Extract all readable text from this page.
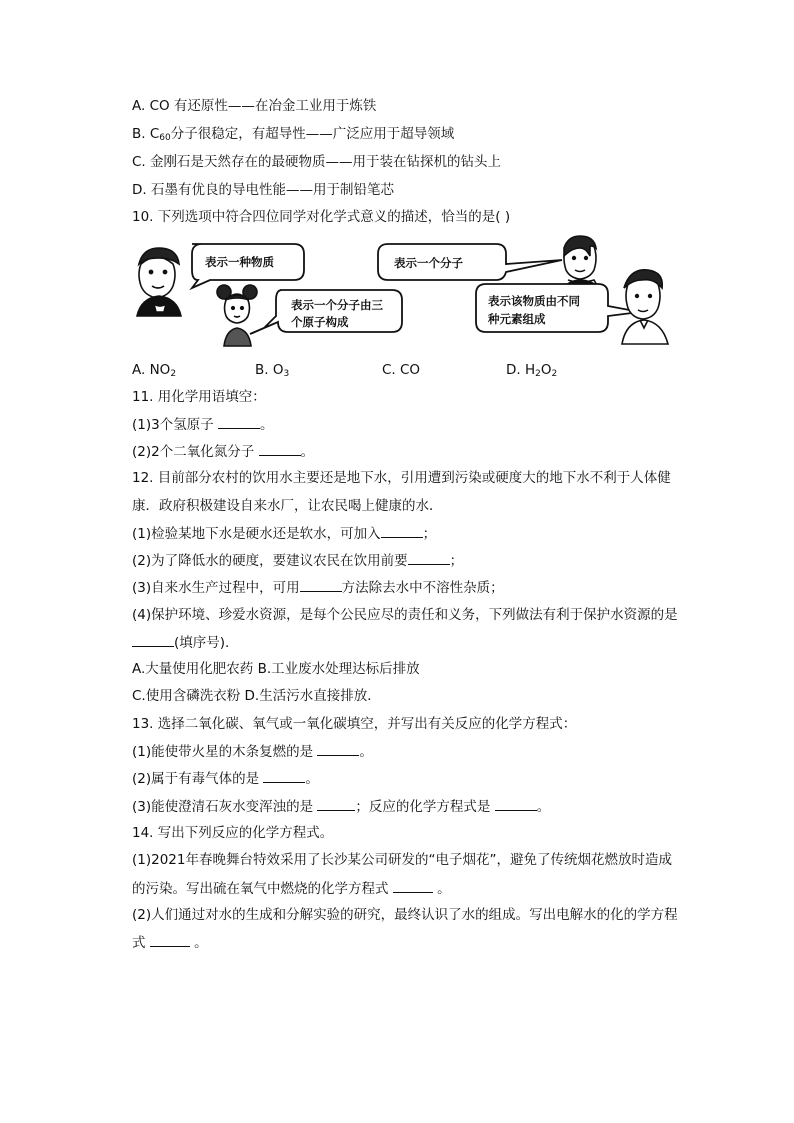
A. CO 有还原性——在冶金工业用于炼铁
B. $C_{60}$分子很稳定，有超导性——广泛应用于超导领域
C. 金刚石是天然存在的最硬物质——用于装在钻探机的钻头上
D. 石墨有优良的导电性能——用于制铅笔芯
10. 下列选项中符合四位同学对化学式意义的描述，恰当的是( )
表示一种物质
表示一个分子由三
个原子构成
表示一个分子
表示该物质由不同
种元素组成
A. $NO_2$	B. $O_3$	C. CO	D. $H_2O_2$
11. 用化学用语填空：
(1)3个氢原子	。
(2)2个二氧化氮分子	。
12. 目前部分农村的饮用水主要还是地下水，引用遭到污染或硬度大的地下水不利于人体健
康．政府积极建设自来水厂，让农民喝上健康的水．
(1)检验某地下水是硬水还是软水，可加入	；
(2)为了降低水的硬度，要建议农民在饮用前要	；
(3)自来水生产过程中，可用	方法除去水中不溶性杂质；
(4)保护环境、珍爱水资源，是每个公民应尽的责任和义务，下列做法有利于保护水资源的是
(填序号).
A.大量使用化肥农药 B.工业废水处理达标后排放
C.使用含磷洗衣粉 D.生活污水直接排放．
13. 选择二氧化碳、氧气或一氧化碳填空，并写出有关反应的化学方程式：
(1)能使带火星的木条复燃的是	。
(2)属于有毒气体的是	。
(3)能使澄清石灰水变浑浊的是	；反应的化学方程式是	。
14. 写出下列反应的化学方程式。
(1)2021年春晚舞台特效采用了长沙某公司研发的“电子烟花”，避免了传统烟花燃放时造成
的污染。写出硫在氧气中燃烧的化学方程式	。
(2)人们通过对水的生成和分解实验的研究，最终认识了水的组成。写出电解水的化的学方程
式	。
